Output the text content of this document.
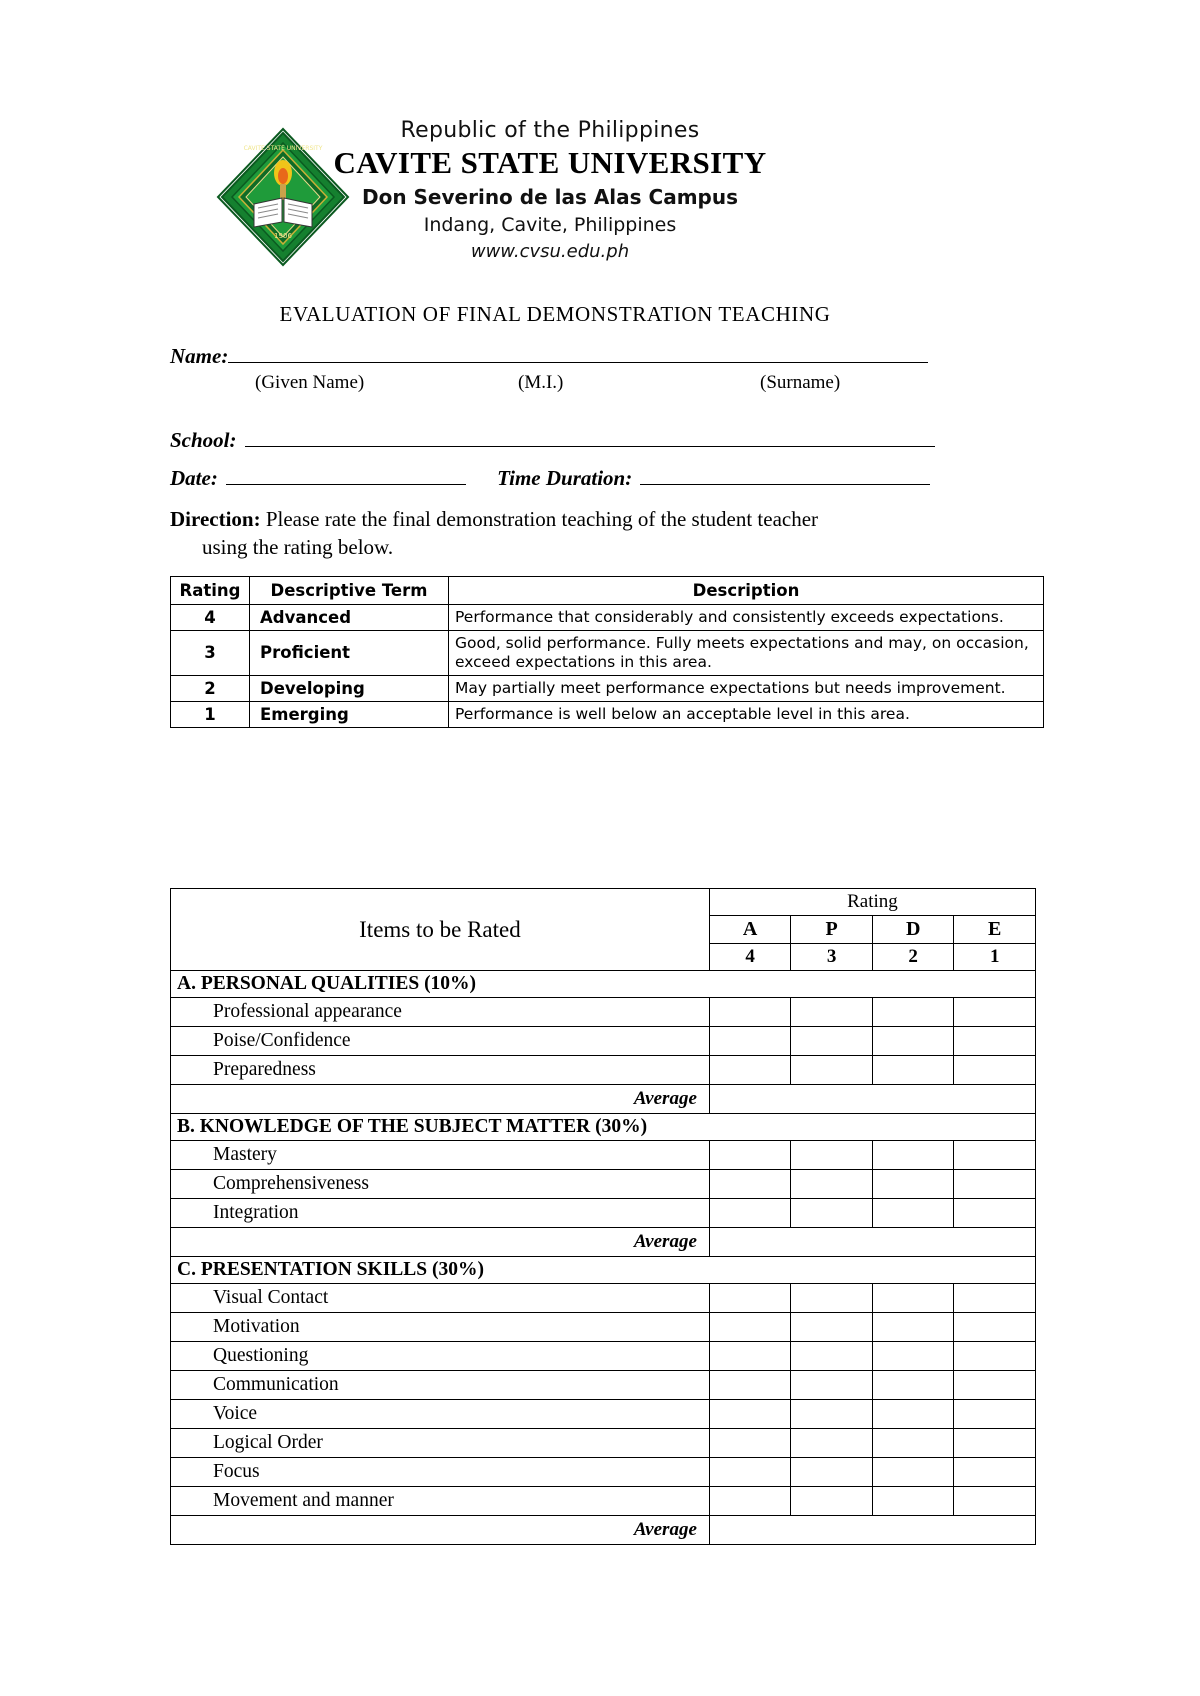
1906
CAVITE STATE UNIVERSITY
Republic of the Philippines
CAVITE STATE UNIVERSITY
Don Severino de las Alas Campus
Indang, Cavite, Philippines
www.cvsu.edu.ph
EVALUATION OF FINAL DEMONSTRATION TEACHING
Name:
(Given Name)	(M.I.)	(Surname)
School:
Date:	Time Duration:
Direction: Please rate the final demonstration teaching of the student teacher
using the rating below.
Rating	Descriptive Term	Description
4	Advanced	Performance that considerably and consistently exceeds expectations.
3	Proficient	Good, solid performance. Fully meets expectations and may, on occasion, exceed expectations in this area.
2	Developing	May partially meet performance expectations but needs improvement.
1	Emerging	Performance is well below an acceptable level in this area.
Items to be Rated	Rating			
	A	P	D	E
	4	3	2	1
A. PERSONAL QUALITIES (10%)				
Professional appearance				
Poise/Confidence				
Preparedness				
Average				
B. KNOWLEDGE OF THE SUBJECT MATTER (30%)				
Mastery				
Comprehensiveness				
Integration				
Average				
C. PRESENTATION SKILLS (30%)				
Visual Contact				
Motivation				
Questioning				
Communication				
Voice				
Logical Order				
Focus				
Movement and manner				
Average				
